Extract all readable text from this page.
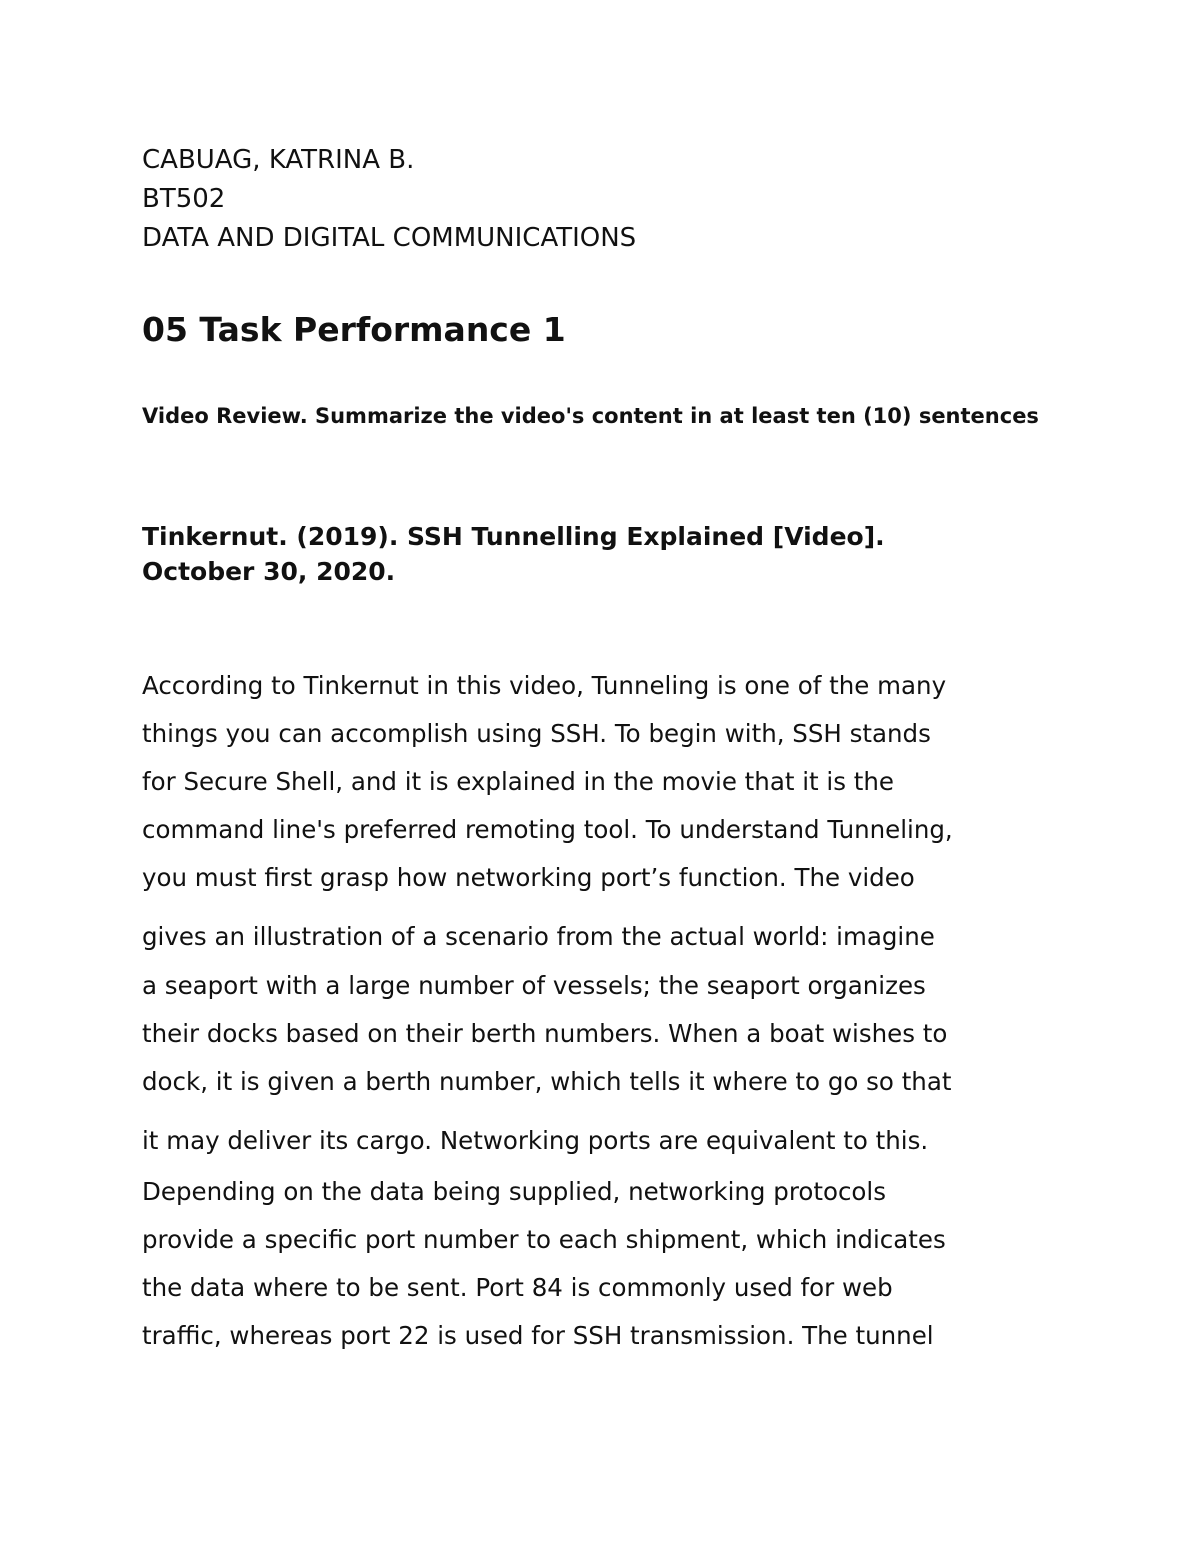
CABUAG, KATRINA B.
BT502
DATA AND DIGITAL COMMUNICATIONS
05 Task Performance 1
Video Review. Summarize the video's content in at least ten (10) sentences
Tinkernut. (2019). SSH Tunnelling Explained [Video].
October 30, 2020.
According to Tinkernut in this video, Tunneling is one of the many
things you can accomplish using SSH. To begin with, SSH stands
for Secure Shell, and it is explained in the movie that it is the
command line's preferred remoting tool. To understand Tunneling,
you must first grasp how networking port’s function. The video
gives an illustration of a scenario from the actual world: imagine
a seaport with a large number of vessels; the seaport organizes
their docks based on their berth numbers. When a boat wishes to
dock, it is given a berth number, which tells it where to go so that
it may deliver its cargo. Networking ports are equivalent to this.
Depending on the data being supplied, networking protocols
provide a specific port number to each shipment, which indicates
the data where to be sent. Port 84 is commonly used for web
traffic, whereas port 22 is used for SSH transmission. The tunnel
